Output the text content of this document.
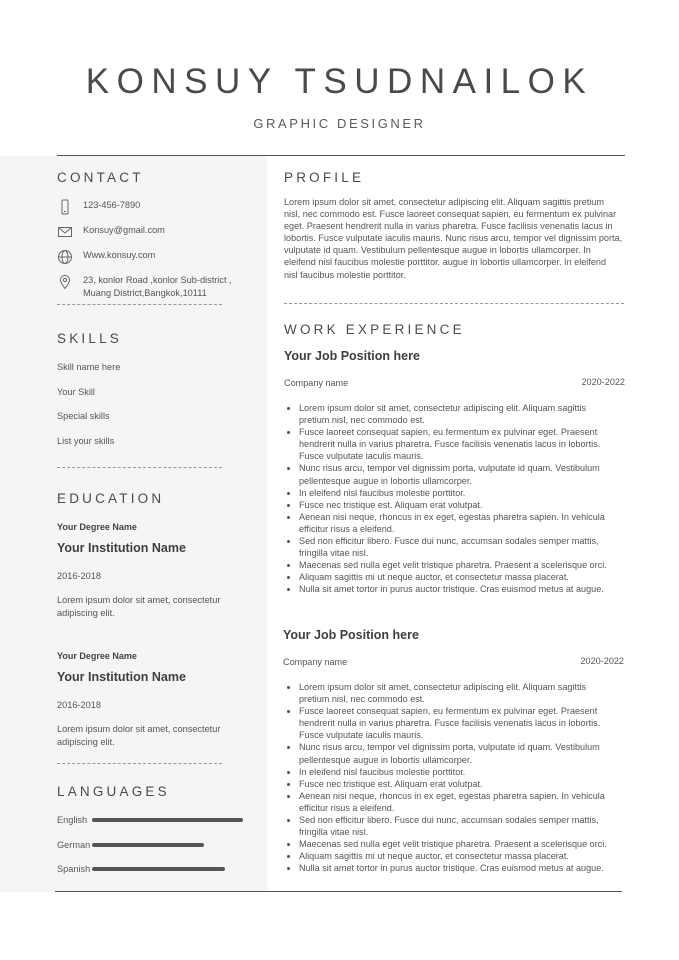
KONSUY TSUDNAILOK
GRAPHIC DESIGNER
CONTACT
123-456-7890
Konsuy@gmail.com
Www.konsuy.com
23, konlor Road ,konlor Sub-district ,
Muang District,Bangkok,10111
SKILLS
Skill name here
Your Skill
Special skills
List your skills
EDUCATION
Your Degree Name
Your Institution Name
2016-2018
Lorem ipsum dolor sit amet, consectetur
adipiscing elit.
Your Degree Name
Your Institution Name
2016-2018
Lorem ipsum dolor sit amet, consectetur
adipiscing elit.
LANGUAGES
English
German
Spanish
PROFILE
Lorem ipsum dolor sit amet, consectetur adipiscing elit. Aliquam sagittis pretium
nisl, nec commodo est. Fusce laoreet consequat sapien, eu fermentum ex pulvinar
eget. Praesent hendrerit nulla in varius pharetra. Fusce facilisis venenatis lacus in
lobortis. Fusce vulputate iaculis mauris. Nunc risus arcu, tempor vel dignissim porta,
vulputate id quam. Vestibulum pellentesque augue in lobortis ullamcorper. In
eleifend nisl faucibus molestie porttitor. augue in lobortis ullamcorper. In eleifend
nisl faucibus molestie porttitor.
WORK EXPERIENCE
Your Job Position here
Company name	2020-2022
• Lorem ipsum dolor sit amet, consectetur adipiscing elit. Aliquam sagittis
pretium nisl, nec commodo est.
• Fusce laoreet consequat sapien, eu fermentum ex pulvinar eget. Praesent
hendrerit nulla in varius pharetra. Fusce facilisis venenatis lacus in lobortis.
Fusce vulputate iaculis mauris.
• Nunc risus arcu, tempor vel dignissim porta, vulputate id quam. Vestibulum
pellentesque augue in lobortis ullamcorper.
• In eleifend nisl faucibus molestie porttitor.
• Fusce nec tristique est. Aliquam erat volutpat.
• Aenean nisi neque, rhoncus in ex eget, egestas pharetra sapien. In vehicula
efficitur risus a eleifend.
• Sed non efficitur libero. Fusce dui nunc, accumsan sodales semper mattis,
fringilla vitae nisl.
• Maecenas sed nulla eget velit tristique pharetra. Praesent a scelerisque orci.
• Aliquam sagittis mi ut neque auctor, et consectetur massa placerat.
• Nulla sit amet tortor in purus auctor tristique. Cras euismod metus at augue.
Your Job Position here
Company name	2020-2022
• Lorem ipsum dolor sit amet, consectetur adipiscing elit. Aliquam sagittis
pretium nisl, nec commodo est.
• Fusce laoreet consequat sapien, eu fermentum ex pulvinar eget. Praesent
hendrerit nulla in varius pharetra. Fusce facilisis venenatis lacus in lobortis.
Fusce vulputate iaculis mauris.
• Nunc risus arcu, tempor vel dignissim porta, vulputate id quam. Vestibulum
pellentesque augue in lobortis ullamcorper.
• In eleifend nisl faucibus molestie porttitor.
• Fusce nec tristique est. Aliquam erat volutpat.
• Aenean nisi neque, rhoncus in ex eget, egestas pharetra sapien. In vehicula
efficitur risus a eleifend.
• Sed non efficitur libero. Fusce dui nunc, accumsan sodales semper mattis,
fringilla vitae nisl.
• Maecenas sed nulla eget velit tristique pharetra. Praesent a scelerisque orci.
• Aliquam sagittis mi ut neque auctor, et consectetur massa placerat.
• Nulla sit amet tortor in purus auctor tristique. Cras euismod metus at augue.
